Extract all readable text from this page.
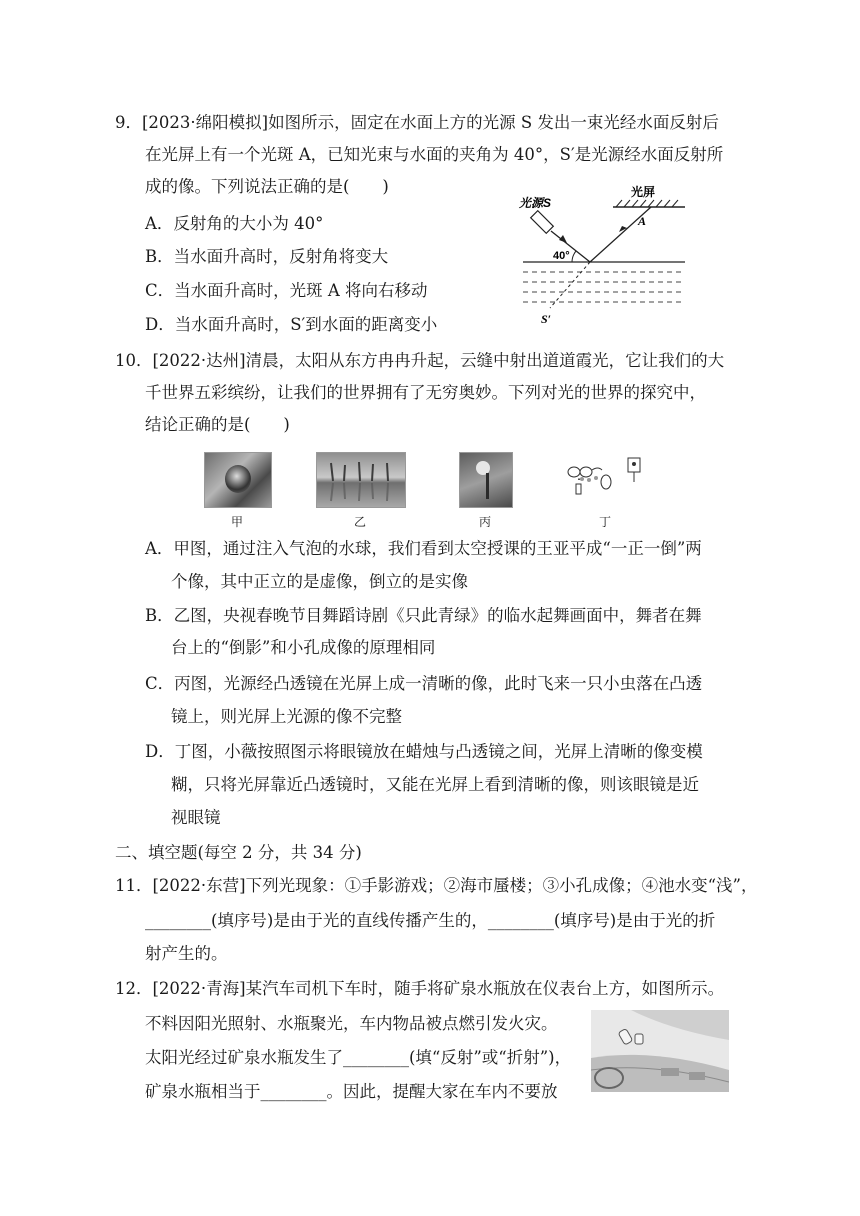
9．[2023·绵阳模拟]如图所示，固定在水面上方的光源 S 发出一束光经水面反射后
在光屏上有一个光斑 A，已知光束与水面的夹角为 40°，S′是光源经水面反射所
成的像。下列说法正确的是(　　)
A．反射角的大小为 40°
B．当水面升高时，反射角将变大
C．当水面升高时，光斑 A 将向右移动
D．当水面升高时，S′到水面的距离变小
光源S
光屏
A
40°
S′
10．[2022·达州]清晨，太阳从东方冉冉升起，云缝中射出道道霞光，它让我们的大
千世界五彩缤纷，让我们的世界拥有了无穷奥妙。下列对光的世界的探究中，
结论正确的是(　　)
甲	乙	丙	丁
A．甲图，通过注入气泡的水球，我们看到太空授课的王亚平成“一正一倒”两
个像，其中正立的是虚像，倒立的是实像
B．乙图，央视春晚节目舞蹈诗剧《只此青绿》的临水起舞画面中，舞者在舞
台上的“倒影”和小孔成像的原理相同
C．丙图，光源经凸透镜在光屏上成一清晰的像，此时飞来一只小虫落在凸透
镜上，则光屏上光源的像不完整
D．丁图，小薇按照图示将眼镜放在蜡烛与凸透镜之间，光屏上清晰的像变模
糊，只将光屏靠近凸透镜时，又能在光屏上看到清晰的像，则该眼镜是近
视眼镜
二、填空题(每空 2 分，共 34 分)
11．[2022·东营]下列光现象：①手影游戏；②海市蜃楼；③小孔成像；④池水变“浅”，
________(填序号)是由于光的直线传播产生的，________(填序号)是由于光的折
射产生的。
12．[2022·青海]某汽车司机下车时，随手将矿泉水瓶放在仪表台上方，如图所示。
不料因阳光照射、水瓶聚光，车内物品被点燃引发火灾。
太阳光经过矿泉水瓶发生了________(填“反射”或“折射”)，
矿泉水瓶相当于________。因此，提醒大家在车内不要放
